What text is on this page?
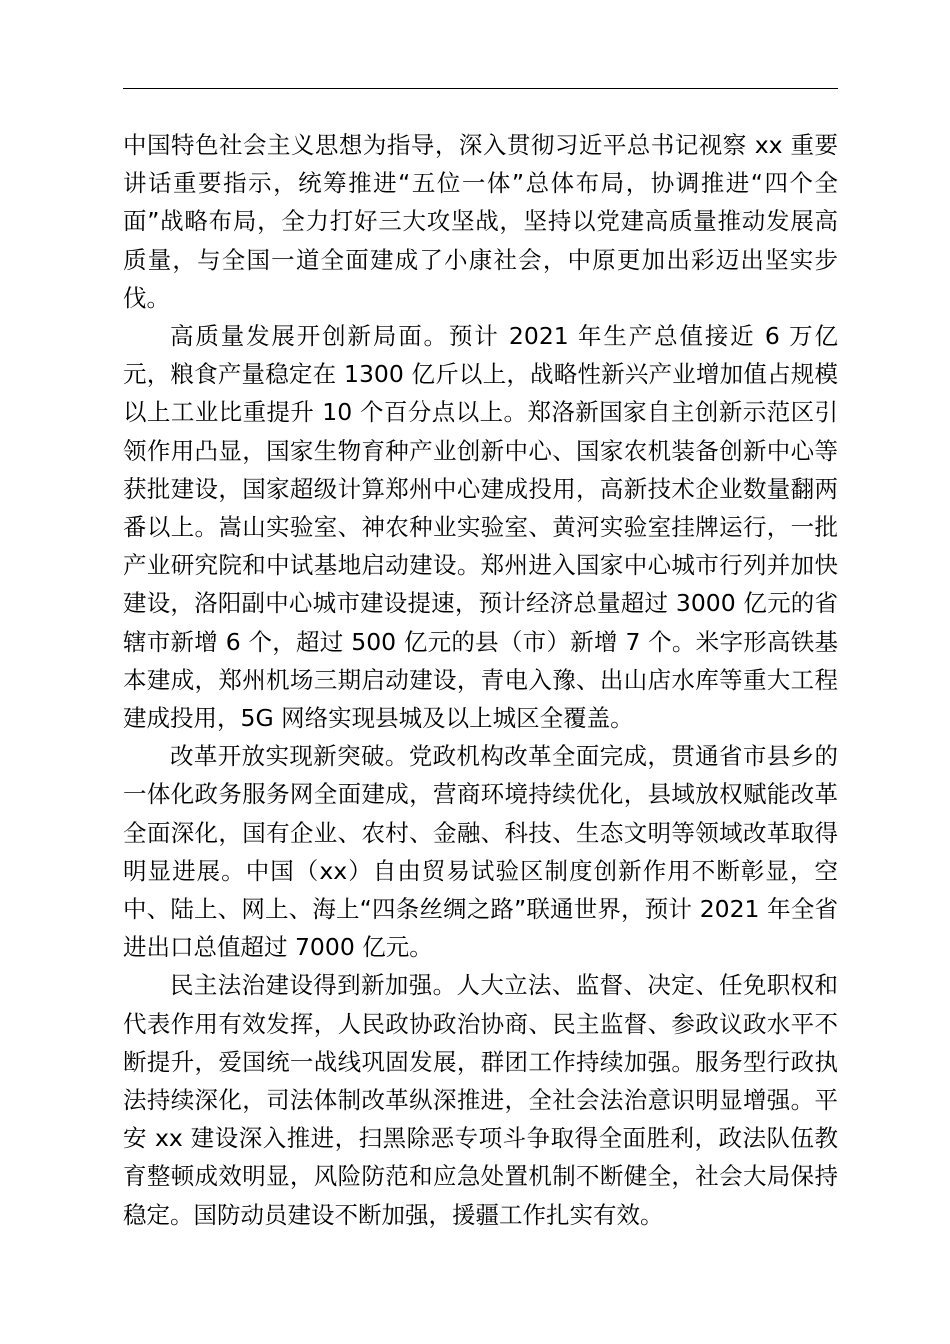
中国特色社会主义思想为指导，深入贯彻习近平总书记视察 xx 重要讲话重要指示，统筹推进“五位一体”总体布局，协调推进“四个全面”战略布局，全力打好三大攻坚战，坚持以党建高质量推动发展高质量，与全国一道全面建成了小康社会，中原更加出彩迈出坚实步伐。

高质量发展开创新局面。预计 2021 年生产总值接近 6 万亿元，粮食产量稳定在 1300 亿斤以上，战略性新兴产业增加值占规模以上工业比重提升 10 个百分点以上。郑洛新国家自主创新示范区引领作用凸显，国家生物育种产业创新中心、国家农机装备创新中心等获批建设，国家超级计算郑州中心建成投用，高新技术企业数量翻两番以上。嵩山实验室、神农种业实验室、黄河实验室挂牌运行，一批产业研究院和中试基地启动建设。郑州进入国家中心城市行列并加快建设，洛阳副中心城市建设提速，预计经济总量超过 3000 亿元的省辖市新增 6 个，超过 500 亿元的县（市）新增 7 个。米字形高铁基本建成，郑州机场三期启动建设，青电入豫、出山店水库等重大工程建成投用，5G 网络实现县城及以上城区全覆盖。

改革开放实现新突破。党政机构改革全面完成，贯通省市县乡的一体化政务服务网全面建成，营商环境持续优化，县域放权赋能改革全面深化，国有企业、农村、金融、科技、生态文明等领域改革取得明显进展。中国（xx）自由贸易试验区制度创新作用不断彰显，空中、陆上、网上、海上“四条丝绸之路”联通世界，预计 2021 年全省进出口总值超过 7000 亿元。

民主法治建设得到新加强。人大立法、监督、决定、任免职权和代表作用有效发挥，人民政协政治协商、民主监督、参政议政水平不断提升，爱国统一战线巩固发展，群团工作持续加强。服务型行政执法持续深化，司法体制改革纵深推进，全社会法治意识明显增强。平安 xx 建设深入推进，扫黑除恶专项斗争取得全面胜利，政法队伍教育整顿成效明显，风险防范和应急处置机制不断健全，社会大局保持稳定。国防动员建设不断加强，援疆工作扎实有效。
